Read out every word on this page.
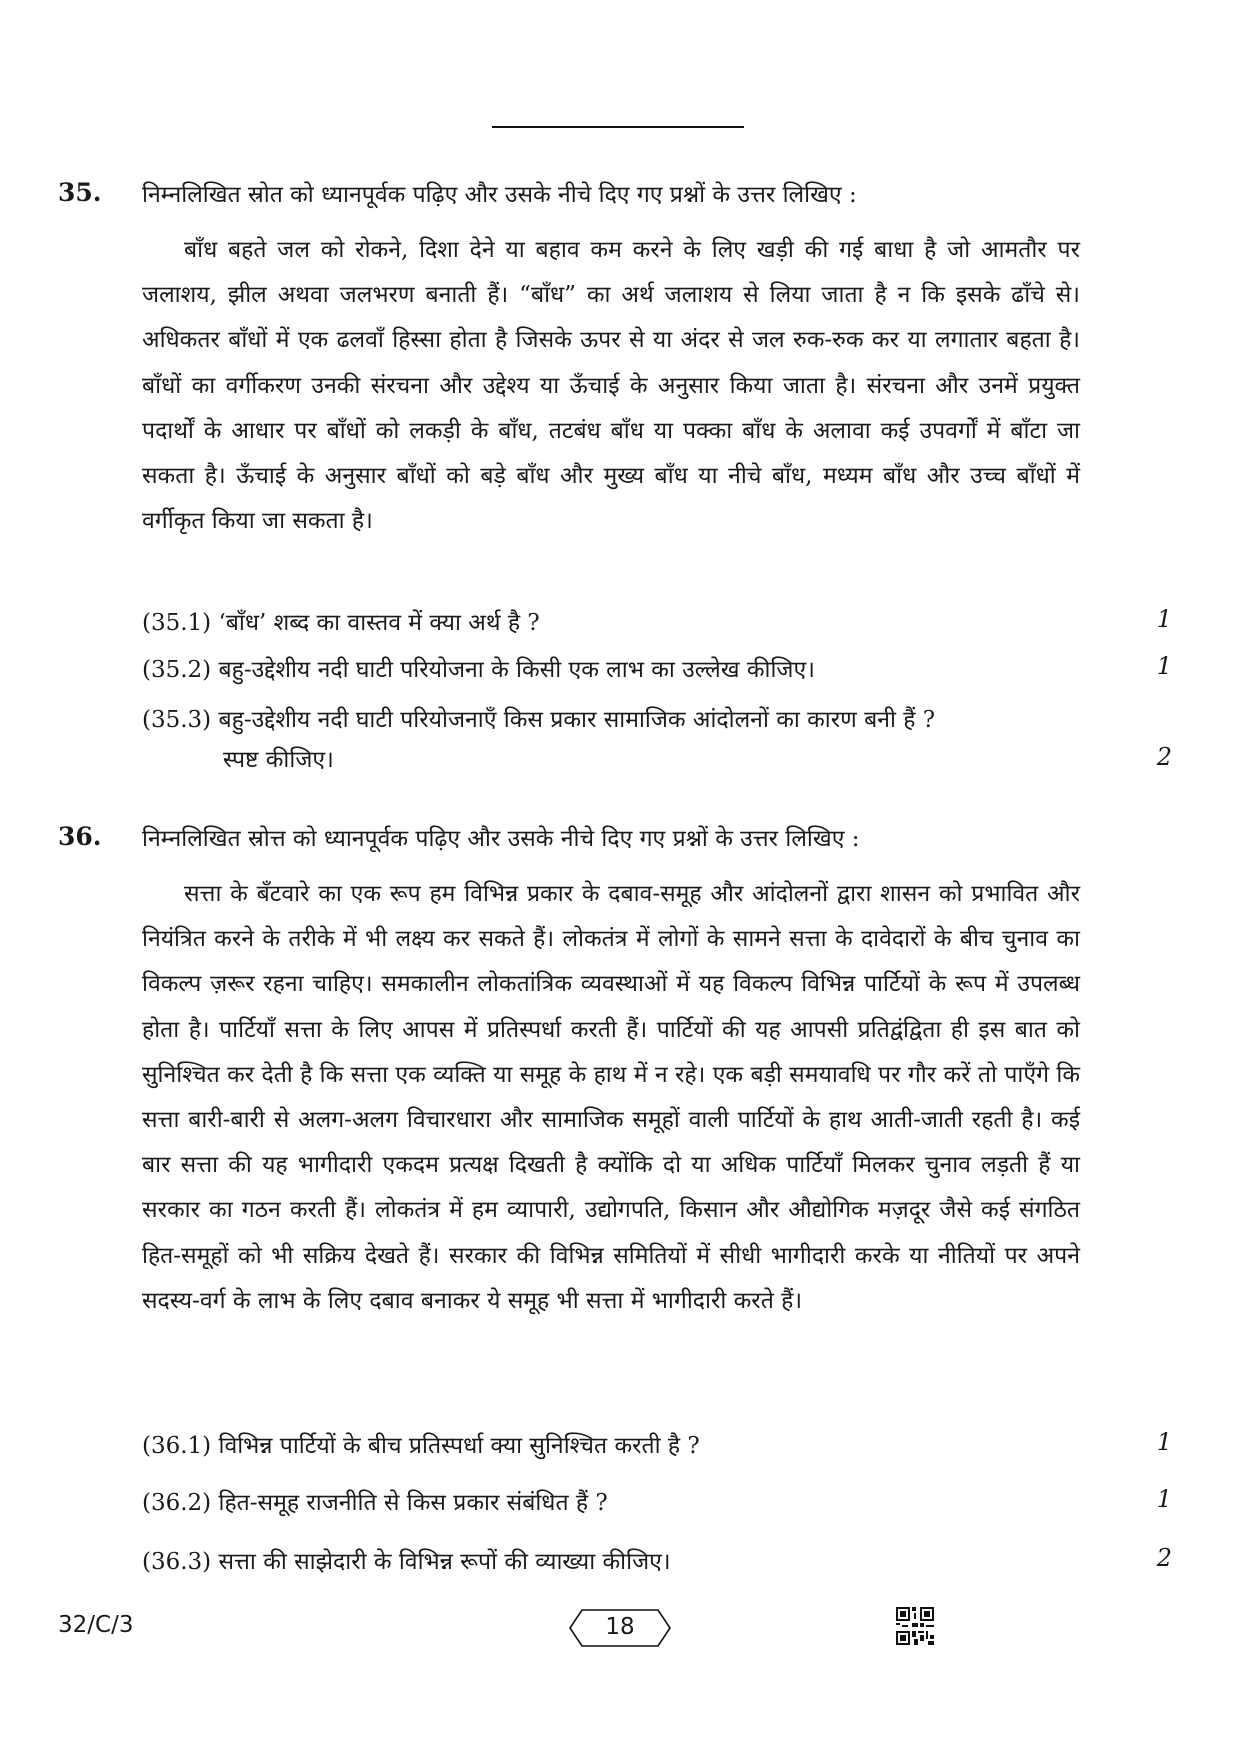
35. निम्नलिखित स्रोत को ध्यानपूर्वक पढ़िए और उसके नीचे दिए गए प्रश्नों के उत्तर लिखिए :
बाँध बहते जल को रोकने, दिशा देने या बहाव कम करने के लिए खड़ी की गई बाधा है जो आमतौर पर जलाशय, झील अथवा जलभरण बनाती हैं। “बाँध” का अर्थ जलाशय से लिया जाता है न कि इसके ढाँचे से। अधिकतर बाँधों में एक ढलवाँ हिस्सा होता है जिसके ऊपर से या अंदर से जल रुक-रुक कर या लगातार बहता है। बाँधों का वर्गीकरण उनकी संरचना और उद्देश्य या ऊँचाई के अनुसार किया जाता है। संरचना और उनमें प्रयुक्त पदार्थों के आधार पर बाँधों को लकड़ी के बाँध, तटबंध बाँध या पक्का बाँध के अलावा कई उपवर्गों में बाँटा जा सकता है। ऊँचाई के अनुसार बाँधों को बड़े बाँध और मुख्य बाँध या नीचे बाँध, मध्यम बाँध और उच्च बाँधों में वर्गीकृत किया जा सकता है।
(35.1) ‘बाँध’ शब्द का वास्तव में क्या अर्थ है ?	1
(35.2) बहु-उद्देशीय नदी घाटी परियोजना के किसी एक लाभ का उल्लेख कीजिए।	1
(35.3) बहु-उद्देशीय नदी घाटी परियोजनाएँ किस प्रकार सामाजिक आंदोलनों का कारण बनी हैं ?
स्पष्ट कीजिए।	2
36. निम्नलिखित स्रोत्त को ध्यानपूर्वक पढ़िए और उसके नीचे दिए गए प्रश्नों के उत्तर लिखिए :
सत्ता के बँटवारे का एक रूप हम विभिन्न प्रकार के दबाव-समूह और आंदोलनों द्वारा शासन को प्रभावित और नियंत्रित करने के तरीके में भी लक्ष्य कर सकते हैं। लोकतंत्र में लोगों के सामने सत्ता के दावेदारों के बीच चुनाव का विकल्प ज़रूर रहना चाहिए। समकालीन लोकतांत्रिक व्यवस्थाओं में यह विकल्प विभिन्न पार्टियों के रूप में उपलब्ध होता है। पार्टियाँ सत्ता के लिए आपस में प्रतिस्पर्धा करती हैं। पार्टियों की यह आपसी प्रतिद्वंद्विता ही इस बात को सुनिश्चित कर देती है कि सत्ता एक व्यक्ति या समूह के हाथ में न रहे। एक बड़ी समयावधि पर गौर करें तो पाएँगे कि सत्ता बारी-बारी से अलग-अलग विचारधारा और सामाजिक समूहों वाली पार्टियों के हाथ आती-जाती रहती है। कई बार सत्ता की यह भागीदारी एकदम प्रत्यक्ष दिखती है क्योंकि दो या अधिक पार्टियाँ मिलकर चुनाव लड़ती हैं या सरकार का गठन करती हैं। लोकतंत्र में हम व्यापारी, उद्योगपति, किसान और औद्योगिक मज़दूर जैसे कई संगठित हित-समूहों को भी सक्रिय देखते हैं। सरकार की विभिन्न समितियों में सीधी भागीदारी करके या नीतियों पर अपने सदस्य-वर्ग के लाभ के लिए दबाव बनाकर ये समूह भी सत्ता में भागीदारी करते हैं।
(36.1) विभिन्न पार्टियों के बीच प्रतिस्पर्धा क्या सुनिश्चित करती है ?	1
(36.2) हित-समूह राजनीति से किस प्रकार संबंधित हैं ?	1
(36.3) सत्ता की साझेदारी के विभिन्न रूपों की व्याख्या कीजिए।	2
32/C/3	18
